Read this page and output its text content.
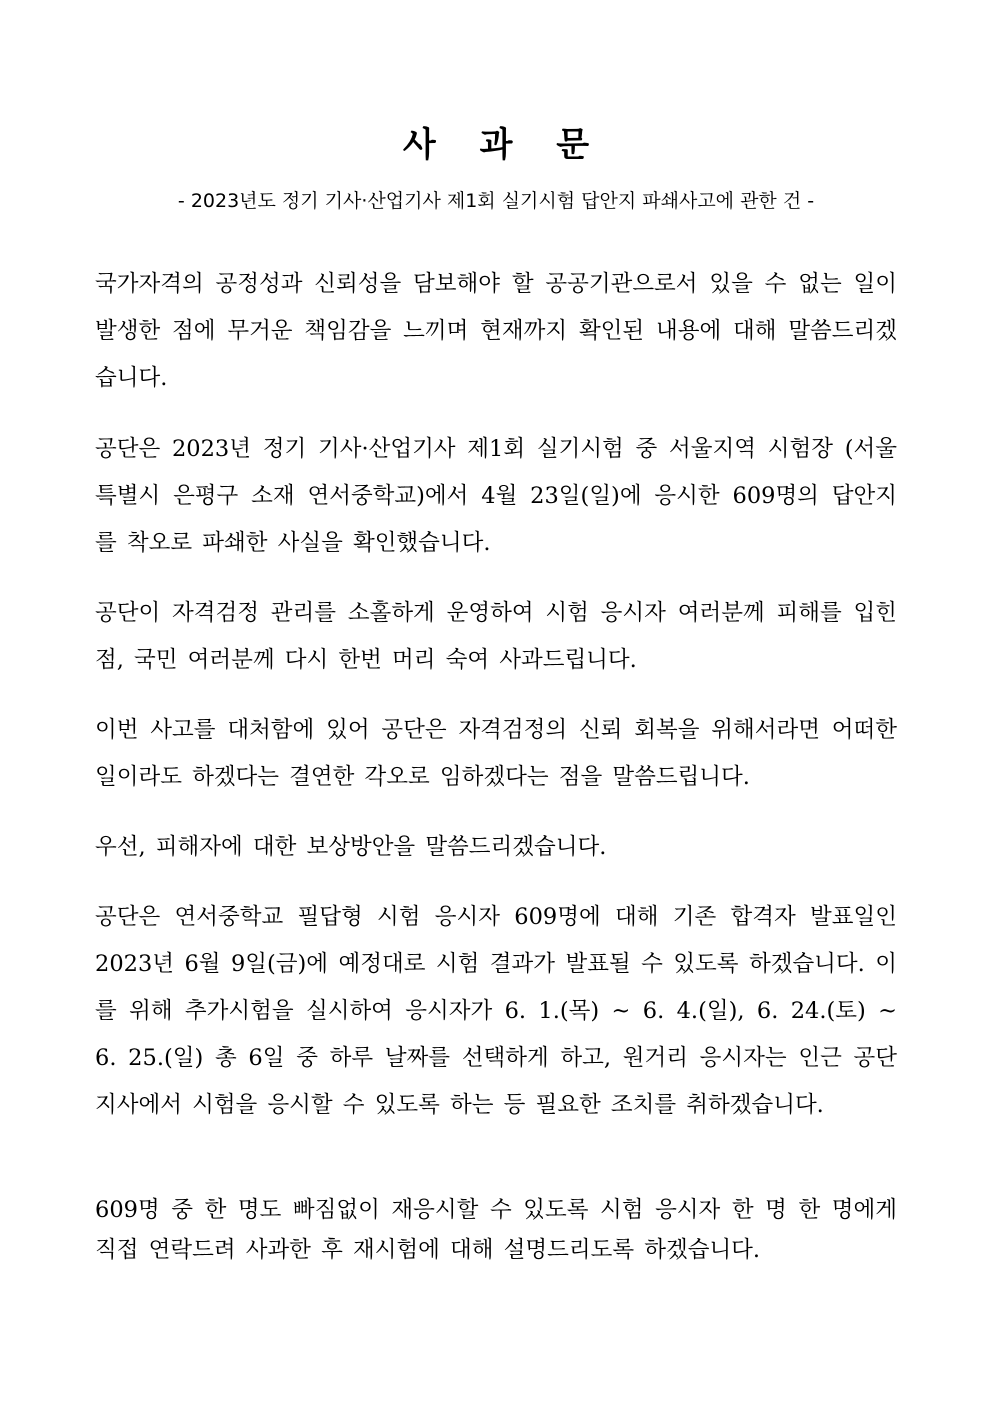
사 과 문
- 2023년도 정기 기사·산업기사 제1회 실기시험 답안지 파쇄사고에 관한 건 -

국가자격의 공정성과 신뢰성을 담보해야 할 공공기관으로서 있을 수 없는 일이 발생한 점에 무거운 책임감을 느끼며 현재까지 확인된 내용에 대해 말씀드리겠습니다.

공단은 2023년 정기 기사·산업기사 제1회 실기시험 중 서울지역 시험장 (서울특별시 은평구 소재 연서중학교)에서 4월 23일(일)에 응시한 609명의 답안지를 착오로 파쇄한 사실을 확인했습니다.

공단이 자격검정 관리를 소홀하게 운영하여 시험 응시자 여러분께 피해를 입힌 점, 국민 여러분께 다시 한번 머리 숙여 사과드립니다.

이번 사고를 대처함에 있어 공단은 자격검정의 신뢰 회복을 위해서라면 어떠한 일이라도 하겠다는 결연한 각오로 임하겠다는 점을 말씀드립니다.

우선, 피해자에 대한 보상방안을 말씀드리겠습니다.

공단은 연서중학교 필답형 시험 응시자 609명에 대해 기존 합격자 발표일인 2023년 6월 9일(금)에 예정대로 시험 결과가 발표될 수 있도록 하겠습니다. 이를 위해 추가시험을 실시하여 응시자가 6. 1.(목) ~ 6. 4.(일), 6. 24.(토) ~ 6. 25.(일) 총 6일 중 하루 날짜를 선택하게 하고, 원거리 응시자는 인근 공단 지사에서 시험을 응시할 수 있도록 하는 등 필요한 조치를 취하겠습니다.

609명 중 한 명도 빠짐없이 재응시할 수 있도록 시험 응시자 한 명 한 명에게 직접 연락드려 사과한 후 재시험에 대해 설명드리도록 하겠습니다.
